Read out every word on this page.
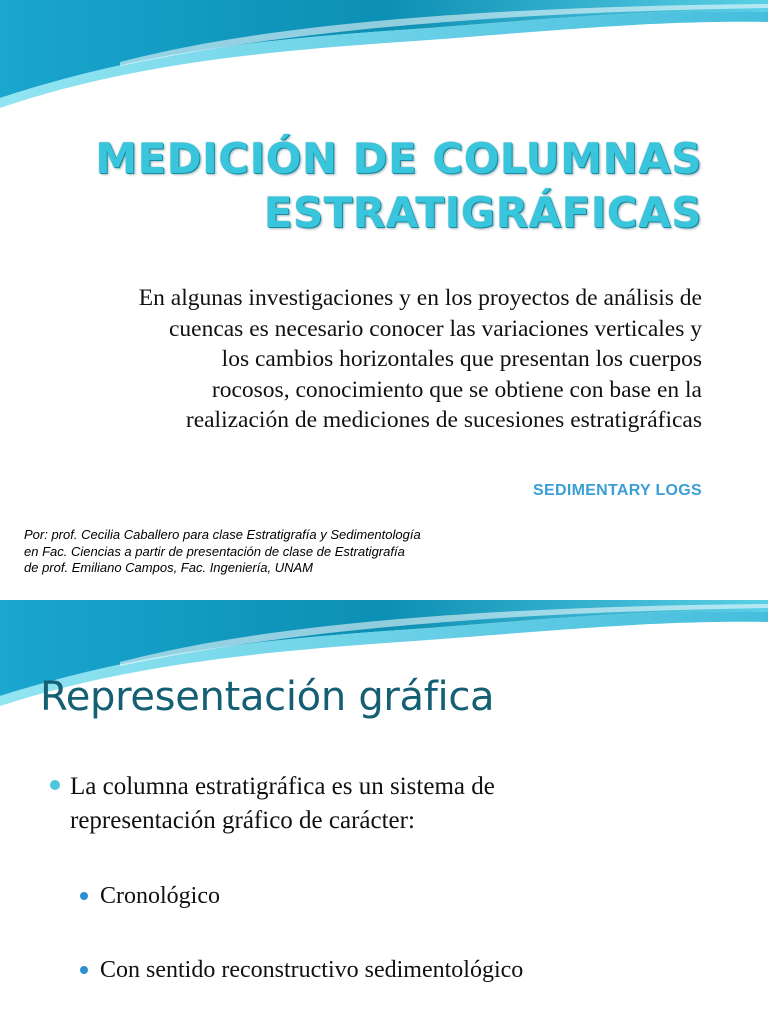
MEDICIÓN DE COLUMNAS
ESTRATIGRÁFICAS

En algunas investigaciones y en los proyectos de análisis de
cuencas es necesario conocer las variaciones verticales y
los cambios horizontales que presentan los cuerpos
rocosos, conocimiento que se obtiene con base en la
realización de mediciones de sucesiones estratigráficas

SEDIMENTARY LOGS

Por: prof. Cecilia Caballero para clase Estratigrafía y Sedimentología
en Fac. Ciencias a partir de presentación de clase de Estratigrafía
de prof. Emiliano Campos, Fac. Ingeniería, UNAM

Representación gráfica
La columna estratigráfica es un sistema de
representación gráfico de carácter:
Cronológico
Con sentido reconstructivo sedimentológico
